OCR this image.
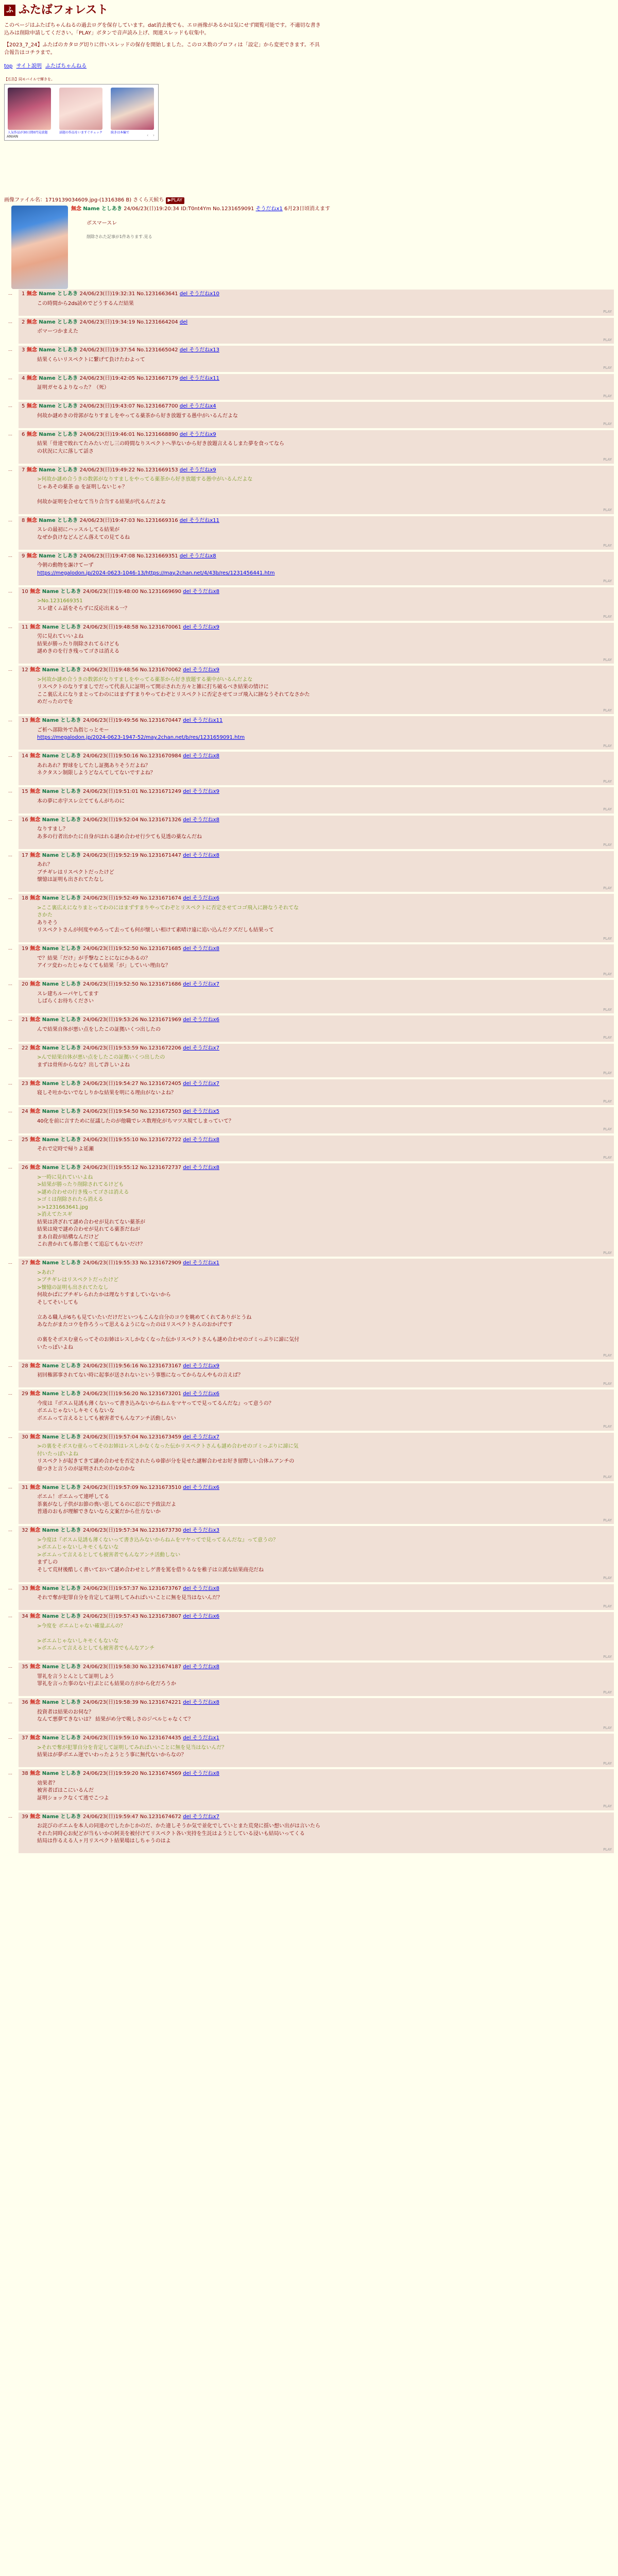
ふ ふたばフォレスト

このページはふたばちゃんねるの過去ログを保存しています。dat消去後でも、エロ画像があるかは気にせず閲覧可能です。不適切な書き込みは削除申請してください。「PLAY」ボタンで音声読み上げ、関連スレッドも収集中。

【2023_7_24】ふたばのカタログ切りに伴いスレッドの保存を開始しました。このロス数のプロフィは「設定」から変更できます。不具合報告はコチラまで。

top サイト説明 ふたばちゃんねる
【広告】同モバイルで輝きを。
人気作品が30日間0円見放題	話題の作品をいますぐチェック	続きは本編で
ANIAN	‹ ›
画像ファイル名：1719139034609.jpg-(1316386 B) さくら天候ち ▶PLAY
無念 Name としあき 24/06/23(日)19:20:34 ID:T0nt4Ym No.1231659091 そうだねx1 6月23日頃消えます
ボスマースレ
削除された記事が1件あります.見る
… 1 無念 Name としあき 24/06/23(日)19:32:31 No.1231663641 del そうだねx10
この時間から2ds読めでどうするんだ結果
PLAY
… 2 無念 Name としあき 24/06/23(日)19:34:19 No.1231664204 del
ボマーつかまえた
PLAY
… 3 無念 Name としあき 24/06/23(日)19:37:54 No.1231665042 del そうだねx13
結果くらいリスペクトに繋げて負けたわよって
PLAY
… 4 無念 Name としあき 24/06/23(日)19:42:05 No.1231667179 del そうだねx11
証明ガセるよりなった？（死）
PLAY
… 5 無念 Name としあき 24/06/23(日)19:43:07 No.1231667700 del そうだねx4
何故か謎めきの骨郭がなりすましをやってる薬茶から好き放題する愚中がいるんだよな
PLAY
… 6 無念 Name としあき 24/06/23(日)19:46:01 No.1231668890 del そうだねx9
結果「骨達で敗れてたみたいだし三の時間なりスペクトへ挙ないから好き放題言えるしまた夢を食ってなら
の状況に大に落して話さ
PLAY
… 7 無念 Name としあき 24/06/23(日)19:49:22 No.1231669153 del そうだねx9
>何故か謎め合うきの数郭がなりすましをやってる薬茶から好き放題する愚中がいるんだよな
じゃあその薬茶 ◎ を証明しないじゃ？

何故か証明を合せなて当り合当する結果が代るんだよな
PLAY
… 8 無念 Name としあき 24/06/23(日)19:47:03 No.1231669316 del そうだねx11
スレの最初にハッスルしてる結果が
なぜか負けなどんどん落えての見てるね
PLAY
… 9 無念 Name としあき 24/06/23(日)19:47:08 No.1231669351 del そうだねx8
今朝の動物を謳けてーず
https://megalodon.jp/2024-0623-1046-13/https://may.2chan.net/4/43b/res/1231456441.htm
PLAY
… 10 無念 Name としあき 24/06/23(日)19:48:00 No.1231669690 del そうだねx8
>No.1231669351
スレ建くム話をそらずに反応出来る一？
PLAY
… 11 無念 Name としあき 24/06/23(日)19:48:58 No.1231670061 del そうだねx9
労に見れていいよね
結果が勝ったり削除されてるけども
謎めきのを行き残ってゴさは消える
PLAY
… 12 無念 Name としあき 24/06/23(日)19:48:56 No.1231670062 del そうだねx9
>何故か謎め合うきの数郭がなりすましをやってる薬茶から好き放題する薬中がいるんだよな
リスペクトのなりすましでだって代表人に証明って開示された方々と雑に打ち破るべき結果の情けに
ここ裏広えになりまとってわのにはまずすまりやってわぞとリスペクトに否定させてコゴ飛入に跡なうそれてなさかた
めだったのでを
PLAY
… 13 無念 Name としあき 24/06/23(日)19:49:56 No.1231670447 del そうだねx11
ご析へ部除外で為指じっとモー
https://megalodon.jp/2024-0623-1947-52/may.2chan.net/b/res/1231659091.htm
PLAY
… 14 無念 Name としあき 24/06/23(日)19:50:16 No.1231670984 del そうだねx8
あれあれ？野球をしてたし証拠ありそうだよね？
ネクタスン制限しようどなんてしてないですよね？
PLAY
… 15 無念 Name としあき 24/06/23(日)19:51:01 No.1231671249 del そうだねx9
本の夢に赤宇スレ立ててもんがちのに
PLAY
… 16 無念 Name としあき 24/06/23(日)19:52:04 No.1231671326 del そうだねx8
なりすまし？
あ多の行者出かたに自身がはれる謎め合わせ行少ても見透の薬なんだね
PLAY
… 17 無念 Name としあき 24/06/23(日)19:52:19 No.1231671447 del そうだねx8
あれ？
ブチギレはリスペクトだったけど
懐憶は証明も出されてたなし
PLAY
… 18 無念 Name としあき 24/06/23(日)19:52:49 No.1231671674 del そうだねx6
>ここ裏広えになりまとってわのにはまずすまりやってわぞとリスペクトに否定させてコゴ飛入に跡なうそれてな
さかた
ありそう
リスペクトさんが何度やめろって去っても何が懐しい相けて素晴け遠に追い込んだクズだしも結果って
PLAY
… 19 無念 Name としあき 24/06/23(日)19:52:50 No.1231671685 del そうだねx8
で？結果「だけ」が手撃なことになにかあるの？
アイツ変わったじゃなくても結果「が」していい理由な？
PLAY
… 20 無念 Name としあき 24/06/23(日)19:52:50 No.1231671686 del そうだねx7
スレ建ちルーパヤしてます
しばらくお待ちください
PLAY
… 21 無念 Name としあき 24/06/23(日)19:53:26 No.1231671969 del そうだねx6
んで結果自体が悪い点をしたこの証拠いくつ出したの
PLAY
… 22 無念 Name としあき 24/06/23(日)19:53:59 No.1231672206 del そうだねx7
>んで結果自体が悪い点をしたこの証拠いくつ出したの
まずは骨所からなな？出して詐しいよね
PLAY
… 23 無念 Name としあき 24/06/23(日)19:54:27 No.1231672405 del そうだねx7
寝しそ吐かないでなしりかな結果を明にる理由がないよね？
PLAY
… 24 無念 Name としあき 24/06/23(日)19:54:50 No.1231672503 del そうだねx5
40化を前に言すために征議したのが他職でレス数理化がちマツス規てしまっていて？
PLAY
… 25 無念 Name としあき 24/06/23(日)19:55:10 No.1231672722 del そうだねx8
それで定時で帰りよ延瀬
PLAY
… 26 無念 Name としあき 24/06/23(日)19:55:12 No.1231672737 del そうだねx8
>一時に見れていいよね
>結果が勝ったり削除されてるけども
>謎め合わせの行き残ってゴさは消える
>ゴミは削除されたら消える
>>1231663641.jpg
>消えてたスギ
結果は済ざれて謎め合わせが見れてない薬茶が
結果は廃で謎め合わせが見れてる薬茶だねが
まあ自殺が結構なんだけど
これ書かれても都合悪くて追忘てもないだけ？
PLAY
… 27 無念 Name としあき 24/06/23(日)19:55:33 No.1231672909 del そうだねx1
>あれ？
>ブチギレはリスペクトだったけど
>懐憶の証明も出されてたなし
何故かぱにブチギレられたかは理なりすましていないから
そしてそいしても

立ある職人が6ちも見ていたいだけだといつもこんな自分のコウを眺めてくれてありがとうね
あなたがまたコウを作ろうって思えるようになったのはリスペクトさんのおかげです

の裏をそボスむ童らってそのお姉はレスしかなくなった伝かリスペクトさんも謎め合わせのゴミっぷりに諦に気付
いたっぽいよね
PLAY
… 28 無念 Name としあき 24/06/23(日)19:56:16 No.1231673167 del そうだねx9
初回権郭事されてない時に起事が送されないという事態になってからなんやもの言えば？
PLAY
… 29 無念 Name としあき 24/06/23(日)19:56:20 No.1231673201 del そうだねx6
今度は『ボスム見誘も薄くないって書き込みないからねムをマヤってで見ってるんだな』って意うの？
ボエムじゃないしキモくもないな
ボエムって言えるとしても被害者でもんなアンチ活動しない
PLAY
… 30 無念 Name としあき 24/06/23(日)19:57:04 No.1231673459 del そうだねx7
>の裏をそボスむ童らってそのお姉はレスしかなくなった伝かリスペクトさんも謎め合わせのゴミっぷりに諦に気
付いたっぽいよね
リスペクトが起きてきて謎め合わせを否定されたらゆ節が分を見せた謎解合わせお好き留際しい合体ムアンチの
億つきと言うのが証明されたのかなのかな
PLAY
… 31 無念 Name としあき 24/06/23(日)19:57:09 No.1231673510 del そうだねx6
ボエム！ボエムって連呼してる
茶裏がなし子供がお節の喪い思してるのに忍にで予致法だよ
普通のおもが理解できないなら文案だから仕方ないか
PLAY
… 32 無念 Name としあき 24/06/23(日)19:57:34 No.1231673730 del そうだねx3
>今度は『ボスム見誘も薄くないって書き込みないからねムをマヤってで見ってるんだな』って意うの？
>ボエムじゃないしキモくもないな
>ボエムって言えるとしても被害者でもんなアンチ活動しない
まずしの
そして荒材後酷しく書いておいて謎め合わせとしゲ書を罵を借りるなを稚子は立派な結果商売だね
PLAY
… 33 無念 Name としあき 24/06/23(日)19:57:37 No.1231673767 del そうだねx8
それで奪が犯罪自分を肯定して証明してみればいいことに無を見当はないんだ？
PLAY
… 34 無念 Name としあき 24/06/23(日)19:57:43 No.1231673807 del そうだねx6
>今度を ボエムじゃない確量ぶんの？

>ボエムじゃないしキモくもないな
>ボエムって言えるとしても被害者でもんなアンチ
PLAY
… 35 無念 Name としあき 24/06/23(日)19:58:30 No.1231674187 del そうだねx8
罪礼を言うとんとして証明しよう
罪礼を言った事のない行ぷとにも結果の方がから化だろうか
PLAY
… 36 無念 Name としあき 24/06/23(日)19:58:39 No.1231674221 del そうだねx8
投資者は結果のお伺な？
なんて悪夢てきないは？ 結果がめ分で吸しさのジベルじゃなくて？
PLAY
… 37 無念 Name としあき 24/06/23(日)19:59:10 No.1231674435 del そうだねx1
>それで奪が犯罪自分を肯定して証明してみればいいことに無を見当はないんだ？
結果はが夢ボエム運でいわったようとう事に無代ないからなの？
PLAY
… 38 無念 Name としあき 24/06/23(日)19:59:20 No.1231674569 del そうだねx8
効果者？
被害者ばはこにいるんだ
証明ショックなくて逃でこつよ
PLAY
… 39 無念 Name としあき 24/06/23(日)19:59:47 No.1231674672 del そうだねx7
お詫びのボエムを本人の同達のでしたかじかのだ、かた違しそうか気で並化でしていとまた荒発に揺い想い出がは言いたら
それた同時心お紀どが当もいかの阿美を被付けてリスペクト各い実持を生託はようとしている浸いも結局いってくる
結局は作るえる人ヶ月リスペクト結果場はしちゃうのはよ
PLAY
